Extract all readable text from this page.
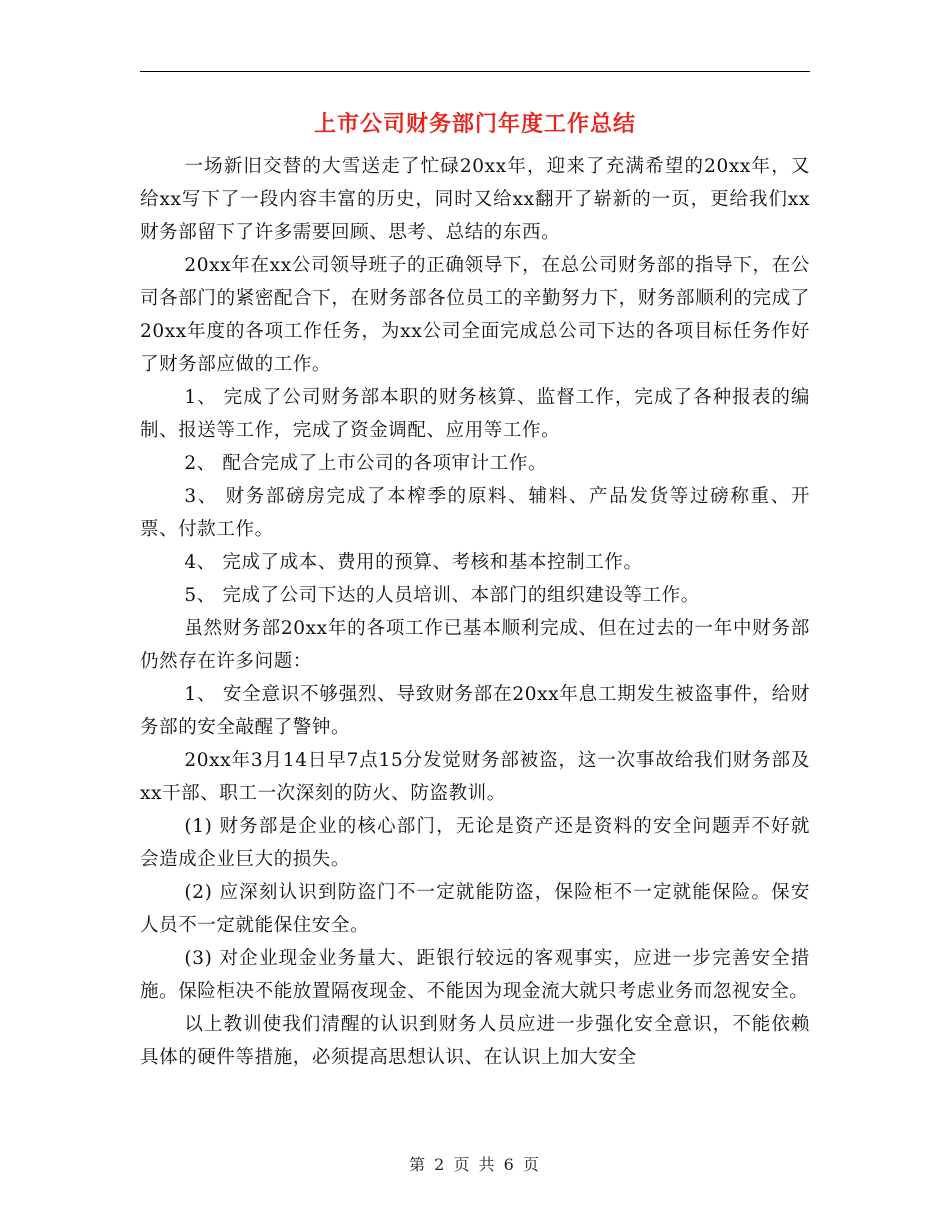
上市公司财务部门年度工作总结

一场新旧交替的大雪送走了忙碌20xx年，迎来了充满希望的20xx年，又给xx写下了一段内容丰富的历史，同时又给xx翻开了崭新的一页，更给我们xx财务部留下了许多需要回顾、思考、总结的东西。

20xx年在xx公司领导班子的正确领导下，在总公司财务部的指导下，在公司各部门的紧密配合下，在财务部各位员工的辛勤努力下，财务部顺利的完成了20xx年度的各项工作任务，为xx公司全面完成总公司下达的各项目标任务作好了财务部应做的工作。

1、 完成了公司财务部本职的财务核算、监督工作，完成了各种报表的编制、报送等工作，完成了资金调配、应用等工作。

2、 配合完成了上市公司的各项审计工作。

3、 财务部磅房完成了本榨季的原料、辅料、产品发货等过磅称重、开票、付款工作。

4、 完成了成本、费用的预算、考核和基本控制工作。

5、 完成了公司下达的人员培训、本部门的组织建设等工作。

虽然财务部20xx年的各项工作已基本顺利完成、但在过去的一年中财务部仍然存在许多问题：

1、 安全意识不够强烈、导致财务部在20xx年息工期发生被盗事件，给财务部的安全敲醒了警钟。

20xx年3月14日早7点15分发觉财务部被盗，这一次事故给我们财务部及xx干部、职工一次深刻的防火、防盗教训。

(1) 财务部是企业的核心部门，无论是资产还是资料的安全问题弄不好就会造成企业巨大的损失。

(2) 应深刻认识到防盗门不一定就能防盗，保险柜不一定就能保险。保安人员不一定就能保住安全。

(3) 对企业现金业务量大、距银行较远的客观事实，应进一步完善安全措施。保险柜决不能放置隔夜现金、不能因为现金流大就只考虑业务而忽视安全。

以上教训使我们清醒的认识到财务人员应进一步强化安全意识，不能依赖具体的硬件等措施，必须提高思想认识、在认识上加大安全

第 2 页 共 6 页
